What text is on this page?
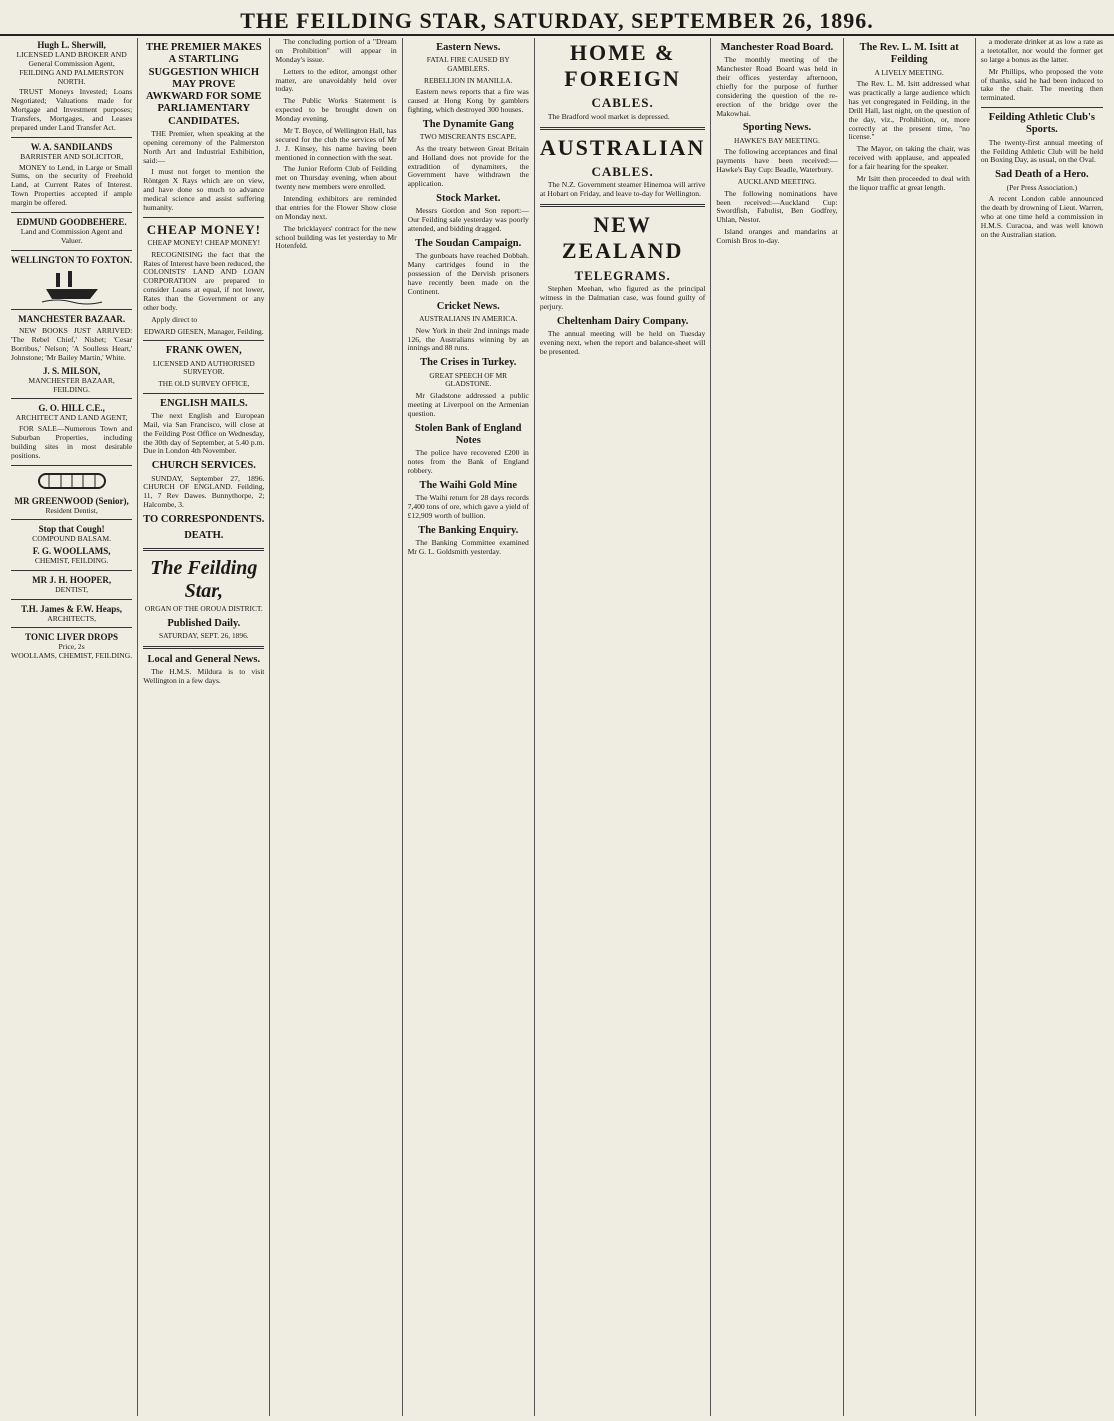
THE FEILDING STAR, SATURDAY, SEPTEMBER 26, 1896.
Hugh L. Sherwill,
LICENSED LAND BROKER AND
General Commission Agent,
FEILDING AND PALMERSTON NORTH.

TRUST Moneys Invested; Loans Negotiated; Valuations made for Mortgage and Investment purposes; Transfers, Mortgages, and Leases prepared under Land Transfer Act.

W. A. SANDILANDS
BARRISTER AND SOLICITOR,

MONEY to Lend, in Large or Small Sums, on the security of Freehold Land, at Current Rates of Interest. Town Properties accepted if ample margin be offered.

EDMUND GOODBEHERE.
Land and Commission Agent and Valuer.
WELLINGTON TO FOXTON.
MANCHESTER BAZAAR.

NEW BOOKS JUST ARRIVED: 'The Rebel Chief,' Nisbet; 'Cesar Borribus,' Nelson; 'A Soulless Heart,' Johnstone; 'Mr Bailey Martin,' White.

J. S. MILSON,
MANCHESTER BAZAAR, FEILDING.
G. O. HILL C.E.,
ARCHITECT AND LAND AGENT,

FOR SALE—Numerous Town and Suburban Properties, including building sites in most desirable positions.

MR GREENWOOD (Senior),
Resident Dentist,
Stop that Cough!
COMPOUND BALSAM.
F. G. WOOLLAMS,
CHEMIST, FEILDING.
MR J. H. HOOPER,
DENTIST,
T.H. James & F.W. Heaps,
ARCHITECTS,
TONIC LIVER DROPS
Price, 2s
WOOLLAMS, CHEMIST, FEILDING.
THE PREMIER MAKES A STARTLING SUGGESTION WHICH MAY PROVE AWKWARD FOR SOME PARLIAMENTARY CANDIDATES.

THE Premier, when speaking at the opening ceremony of the Palmerston North Art and Industrial Exhibition, said:—

I must not forget to mention the Röntgen X Rays which are on view, and have done so much to advance medical science and assist suffering humanity.

CHEAP MONEY!
CHEAP MONEY! CHEAP MONEY!

RECOGNISING the fact that the Rates of Interest have been reduced, the COLONISTS' LAND AND LOAN CORPORATION are prepared to consider Loans at equal, if not lower, Rates than the Government or any other body.

Apply direct to

EDWARD GIESEN, Manager, Feilding.
FRANK OWEN,
LICENSED AND AUTHORISED SURVEYOR.
THE OLD SURVEY OFFICE,
ENGLISH MAILS.

The next English and European Mail, via San Francisco, will close at the Feilding Post Office on Wednesday, the 30th day of September, at 5.40 p.m. Due in London 4th November.

CHURCH SERVICES.

SUNDAY, September 27, 1896. CHURCH OF ENGLAND. Feilding, 11, 7 Rev Dawes. Bunnythorpe, 2; Halcombe, 3.

TO CORRESPONDENTS.
DEATH.
The Feilding Star,
ORGAN OF THE OROUA DISTRICT.
Published Daily.
SATURDAY, SEPT. 26, 1896.
Local and General News.

The H.M.S. Mildura is to visit Wellington in a few days.

The concluding portion of a "Dream on Prohibition" will appear in Monday's issue.

Letters to the editor, amongst other matter, are unavoidably held over today.

The Public Works Statement is expected to be brought down on Monday evening.

Mr T. Boyce, of Wellington Hall, has secured for the club the services of Mr J. J. Kinsey, his name having been mentioned in connection with the seat.

The Junior Reform Club of Feilding met on Thursday evening, when about twenty new members were enrolled.

Intending exhibitors are reminded that entries for the Flower Show close on Monday next.

The bricklayers' contract for the new school building was let yesterday to Mr Hotenfeld.

Eastern News.
FATAL FIRE CAUSED BY GAMBLERS.
REBELLION IN MANILLA.

Eastern news reports that a fire was caused at Hong Kong by gamblers fighting, which destroyed 300 houses.

The Dynamite Gang
TWO MISCREANTS ESCAPE.

As the treaty between Great Britain and Holland does not provide for the extradition of dynamiters, the Government have withdrawn the application.

Stock Market.

Messrs Gordon and Son report:—Our Feilding sale yesterday was poorly attended, and bidding dragged.

The Soudan Campaign.

The gunboats have reached Dobbah. Many cartridges found in the possession of the Dervish prisoners have recently been made on the Continent.

Cricket News.
AUSTRALIANS IN AMERICA.

New York in their 2nd innings made 126, the Australians winning by an innings and 88 runs.

The Crises in Turkey.
GREAT SPEECH OF MR GLADSTONE.

Mr Gladstone addressed a public meeting at Liverpool on the Armenian question.

Stolen Bank of England Notes

The police have recovered £200 in notes from the Bank of England robbery.

The Waihi Gold Mine

The Waihi return for 28 days records 7,400 tons of ore, which gave a yield of £12,909 worth of bullion.

The Banking Enquiry.

The Banking Committee examined Mr G. L. Goldsmith yesterday.

HOME & FOREIGN
CABLES.

The Bradford wool market is depressed.

AUSTRALIAN
CABLES.

The N.Z. Government steamer Hinemoa will arrive at Hobart on Friday, and leave to-day for Wellington.

NEW ZEALAND
TELEGRAMS.

Stephen Meehan, who figured as the principal witness in the Dalmatian case, was found guilty of perjury.

Cheltenham Dairy Company.

The annual meeting will be held on Tuesday evening next, when the report and balance-sheet will be presented.

Manchester Road Board.

The monthly meeting of the Manchester Road Board was held in their offices yesterday afternoon, chiefly for the purpose of further considering the question of the re-erection of the bridge over the Makowhai.

Sporting News.
HAWKE'S BAY MEETING.

The following acceptances and final payments have been received:—Hawke's Bay Cup: Beadle, Waterbury.

AUCKLAND MEETING.

The following nominations have been received:—Auckland Cup: Swordfish, Fabulist, Ben Godfrey, Uhlan, Nestor.

Island oranges and mandarins at Cornish Bros to-day.

The Rev. L. M. Isitt at Feilding
A LIVELY MEETING.

The Rev. L. M. Isitt addressed what was practically a large audience which has yet congregated in Feilding, in the Drill Hall, last night, on the question of the day, viz., Prohibition, or, more correctly at the present time, "no license."

The Mayor, on taking the chair, was received with applause, and appealed for a fair hearing for the speaker.

Mr Isitt then proceeded to deal with the liquor traffic at great length.

a moderate drinker at as low a rate as a teetotaller, nor would the former get so large a bonus as the latter.

Mr Phillips, who proposed the vote of thanks, said he had been induced to take the chair. The meeting then terminated.

Feilding Athletic Club's Sports.

The twenty-first annual meeting of the Feilding Athletic Club will be held on Boxing Day, as usual, on the Oval.

Sad Death of a Hero.
(Per Press Association.)

A recent London cable announced the death by drowning of Lieut. Warren, who at one time held a commission in H.M.S. Curacoa, and was well known on the Australian station.
